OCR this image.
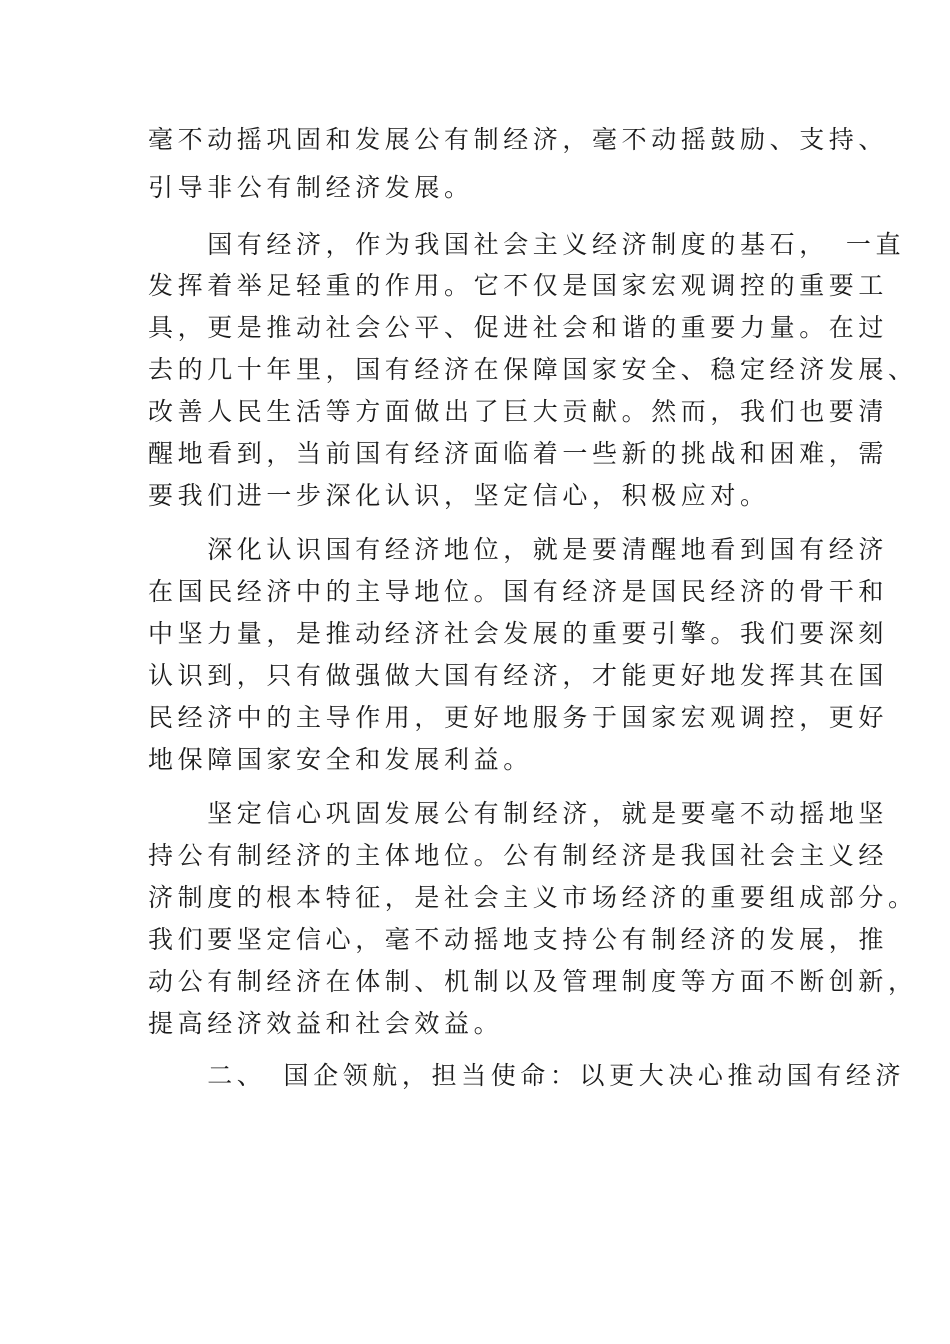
毫不动摇巩固和发展公有制经济，毫不动摇鼓励、支持、
引导非公有制经济发展。
　　国有经济，作为我国社会主义经济制度的基石，　一直
发挥着举足轻重的作用。它不仅是国家宏观调控的重要工
具，更是推动社会公平、促进社会和谐的重要力量。在过
去的几十年里，国有经济在保障国家安全、稳定经济发展、
改善人民生活等方面做出了巨大贡献。然而，我们也要清
醒地看到，当前国有经济面临着一些新的挑战和困难，需
要我们进一步深化认识，坚定信心，积极应对。
　　深化认识国有经济地位，就是要清醒地看到国有经济
在国民经济中的主导地位。国有经济是国民经济的骨干和
中坚力量，是推动经济社会发展的重要引擎。我们要深刻
认识到，只有做强做大国有经济，才能更好地发挥其在国
民经济中的主导作用，更好地服务于国家宏观调控，更好
地保障国家安全和发展利益。
　　坚定信心巩固发展公有制经济，就是要毫不动摇地坚
持公有制经济的主体地位。公有制经济是我国社会主义经
济制度的根本特征，是社会主义市场经济的重要组成部分。
我们要坚定信心，毫不动摇地支持公有制经济的发展，推
动公有制经济在体制、机制以及管理制度等方面不断创新，
提高经济效益和社会效益。
　　二、　国企领航，担当使命：以更大决心推动国有经济
